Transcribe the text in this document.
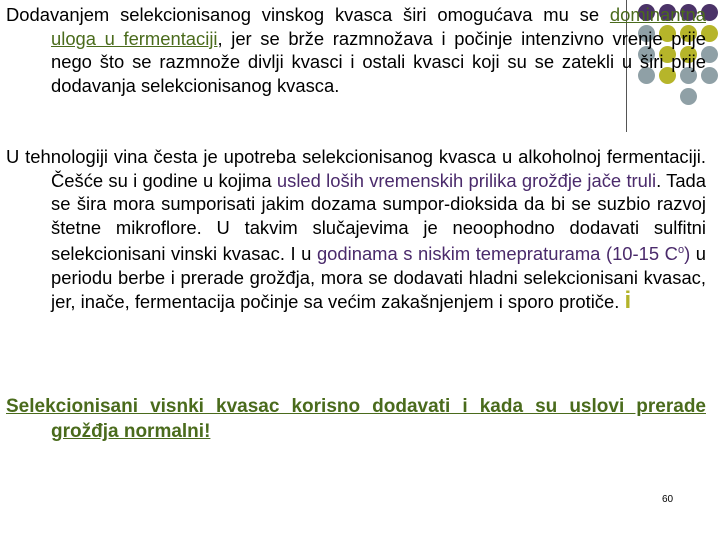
Dodavanjem selekcionisanog vinskog kvasca širi omogućava mu se dominantna uloga u fermentaciji, jer se brže razmnožava i počinje intenzivno vrenje prije nego što se razmnože divlji kvasci i ostali kvasci koji su se zatekli u širi prije dodavanja selekcionisanog kvasca.
U tehnologiji vina česta je upotreba selekcionisanog kvasca u alkoholnoj fermentaciji. Češće su i godine u kojima usled loših vremenskih prilika grožđje jače truli. Tada se šira mora sumporisati jakim dozama sumpor-dioksida da bi se suzbio razvoj štetne mikroflore. U takvim slučajevima je neoophodno dodavati sulfitni selekcionisani vinski kvasac. I u godinama s niskim temepraturama (10-15 $C^o$) u periodu berbe i prerade grožđja, mora se dodavati hladni selekcionisani kvasac, jer, inače, fermentacija počinje sa većim zakašnjenjem i sporo protiče. i
Selekcionisani visnki kvasac korisno dodavati i kada su uslovi prerade grožđja normalni!
60
